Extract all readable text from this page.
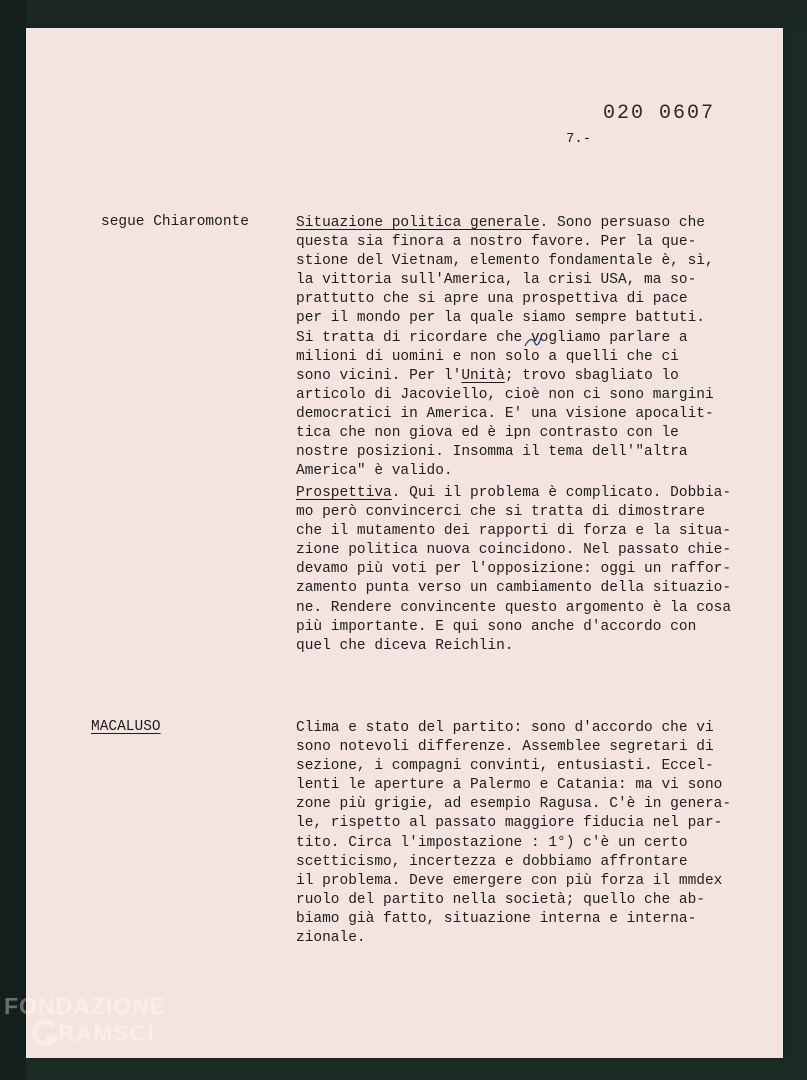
020 0607

7.-

segue Chiaromonte	Situazione politica generale. Sono persuaso che

questa sia finora a nostro favore. Per la que-

stione del Vietnam, elemento fondamentale è, sì,

la vittoria sull'America, la crisi USA, ma so-

prattutto che si apre una prospettiva di pace

per il mondo per la quale siamo sempre battuti.

Si tratta di ricordare che vogliamo parlare a

milioni di uomini e non solo a quelli che ci

sono vicini. Per l'Unità; trovo sbagliato lo

articolo di Jacoviello, cioè non ci sono margini

democratici in America. E' una visione apocalit-

tica che non giova ed è ipn contrasto con le

nostre posizioni. Insomma il tema dell'"altra

America" è valido.

Prospettiva. Qui il problema è complicato. Dobbia-

mo però convincerci che si tratta di dimostrare

che il mutamento dei rapporti di forza e la situa-

zione politica nuova coincidono. Nel passato chie-

devamo più voti per l'opposizione: oggi un raffor-

zamento punta verso un cambiamento della situazio-

ne. Rendere convincente questo argomento è la cosa

più importante. E qui sono anche d'accordo con

quel che diceva Reichlin.

MACALUSO	Clima e stato del partito: sono d'accordo che vi

sono notevoli differenze. Assemblee segretari di

sezione, i compagni convinti, entusiasti. Eccel-

lenti le aperture a Palermo e Catania: ma vi sono

zone più grigie, ad esempio Ragusa. C'è in genera-

le, rispetto al passato maggiore fiducia nel par-

tito. Circa l'impostazione : 1°) c'è un certo

scetticismo, incertezza e dobbiamo affrontare

il problema. Deve emergere con più forza il mmdex

ruolo del partito nella società; quello che ab-

biamo già fatto, situazione interna e interna-

zionale.

FONDAZIONE

RAMSCI
